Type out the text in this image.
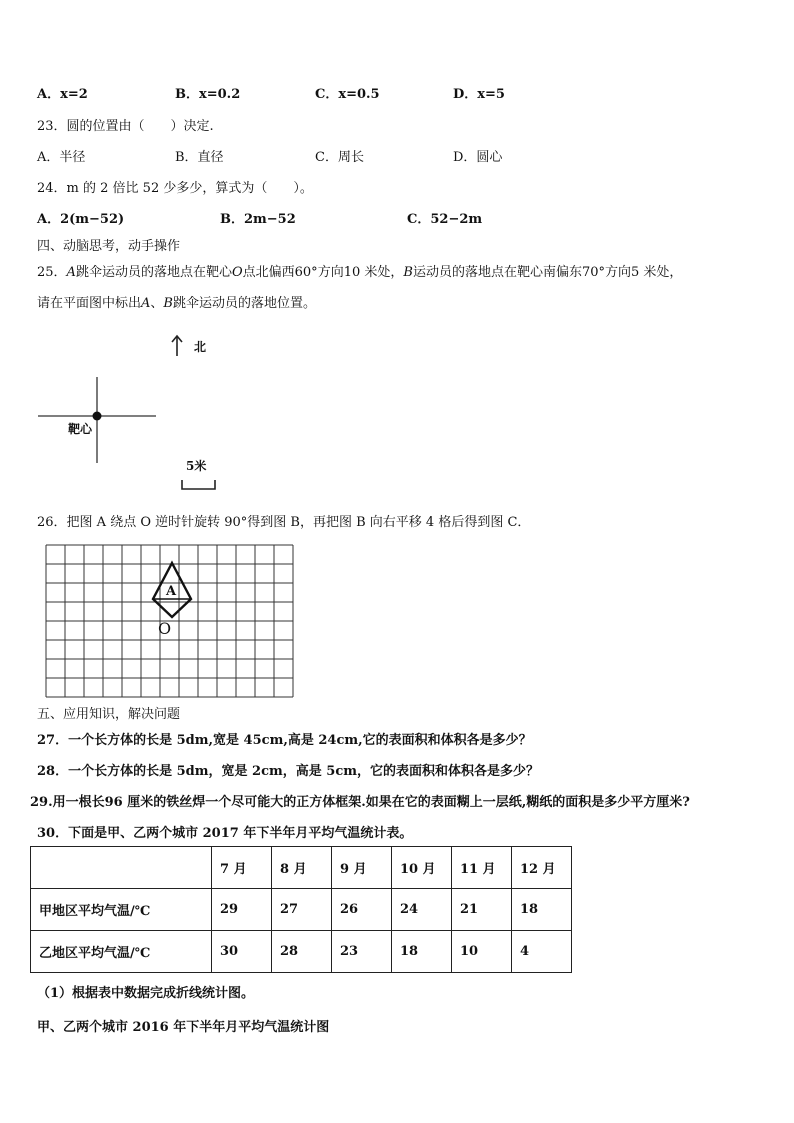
A．x=2	B．x=0.2	C．x=0.5	D．x=5
23．圆的位置由（　　）决定.
A．半径	B．直径	C．周长	D．圆心
24．m 的 2 倍比 52 少多少，算式为（　　）。
A．2(m−52)	B．2m−52	C．52−2m
四、动脑思考，动手操作
25．A跳伞运动员的落地点在靶心O点北偏西60°方向10 米处，B运动员的落地点在靶心南偏东70°方向5 米处，
请在平面图中标出A、B跳伞运动员的落地位置。
北
靶心
5米
26．把图 A 绕点 O 逆时针旋转 90°得到图 B，再把图 B 向右平移 4 格后得到图 C．
A
O
五、应用知识，解决问题
27．一个长方体的长是 5dm,宽是 45cm,高是 24cm,它的表面积和体积各是多少？
28．一个长方体的长是 5dm，宽是 2cm，高是 5cm，它的表面积和体积各是多少？
29.用一根长96 厘米的铁丝焊一个尽可能大的正方体框架.如果在它的表面糊上一层纸,糊纸的面积是多少平方厘米?
30．下面是甲、乙两个城市 2017 年下半年月平均气温统计表。
	7 月	8 月	9 月	10 月	11 月	12 月
甲地区平均气温/℃	29	27	26	24	21	18
乙地区平均气温/℃	30	28	23	18	10	4
（1）根据表中数据完成折线统计图。
甲、乙两个城市 2016 年下半年月平均气温统计图
